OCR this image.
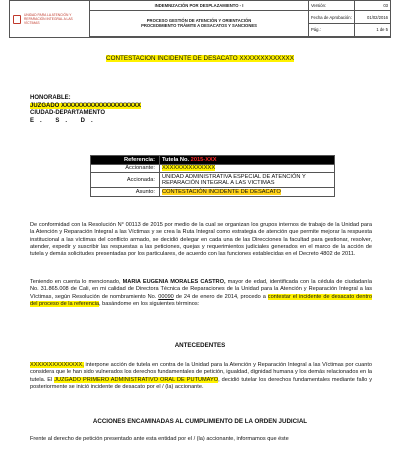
UNIDAD PARA LA ATENCIÓN Y REPARACIÓN INTEGRAL A LAS VÍCTIMAS	INDEMNIZACIÓN POR DESPLAZAMIENTO - I	Versión:	03

	PROCESO GESTIÓN DE ATENCIÓN Y ORIENTACIÓN
PROCEDIMIENTO TRÁMITE A DESACATOS Y SANCIONES	Fecha de Aprobación:	01/02/2016
		Pág.:	1 de 5

CONTESTACION INCIDENTE DE DESACATO XXXXXXXXXXXXX
HONORABLE:
JUZGADO XXXXXXXXXXXXXXXXXXXX
CIUDAD-DEPARTAMENTO
E. S. D.
Referencia:	Tutela No. 2015-XXX
Accionante:	XXXXXXXXXXXXXX
Accionada:	UNIDAD ADMINISTRATIVA ESPECIAL DE ATENCIÓN Y REPARACIÓN INTEGRAL A LAS VICTIMAS
Asunto:	CONTESTACIÓN INCIDENTE DE DESACATO

De conformidad con la Resolución N° 00113 de 2015 por medio de la cual se organizan los grupos internos de trabajo de la Unidad para la Atención y Reparación Integral a las Víctimas y se crea la Ruta Integral como estrategia de atención que permite mejorar la respuesta institucional a las víctimas del conflicto armado, se decidió delegar en cada una de las Direcciones la facultad para gestionar, resolver, atender, expedir y suscribir las respuestas a las peticiones, quejas y requerimientos judiciales generados en el marco de la acción de tutela y demás solicitudes presentadas por los particulares, de acuerdo con las funciones establecidas en el Decreto 4802 de 2011.

Teniendo en cuenta lo mencionado, MARIA EUGENIA MORALES CASTRO, mayor de edad, identificada con la cédula de ciudadanía No. 31.865.008 de Cali, en mi calidad de Directora Técnica de Reparaciones de la Unidad para la Atención y Reparación Integral a las Víctimas, según Resolución de nombramiento No. 00090 de 24 de enero de 2014, procedo a contestar el incidente de desacato dentro del proceso de la referencia, basándome en los siguientes términos:

ANTECEDENTES

XXXXXXXXXXXXXX, interpone acción de tutela en contra de la Unidad para la Atención y Reparación Integral a las Víctimas por cuanto considera que le han sido vulnerados los derechos fundamentales de petición, igualdad, dignidad humana y los demás relacionados en la tutela. El JUZGADO PRIMERO ADMINISTRATIVO ORAL DE PUTUMAYO, decidió tutelar los derechos fundamentales mediante fallo y posteriormente se inició incidente de desacato por el / (la) accionante.

ACCIONES ENCAMINADAS AL CUMPLIMIENTO DE LA ORDEN JUDICIAL

Frente al derecho de petición presentado ante esta entidad por el / (la) accionante, informamos que éste
